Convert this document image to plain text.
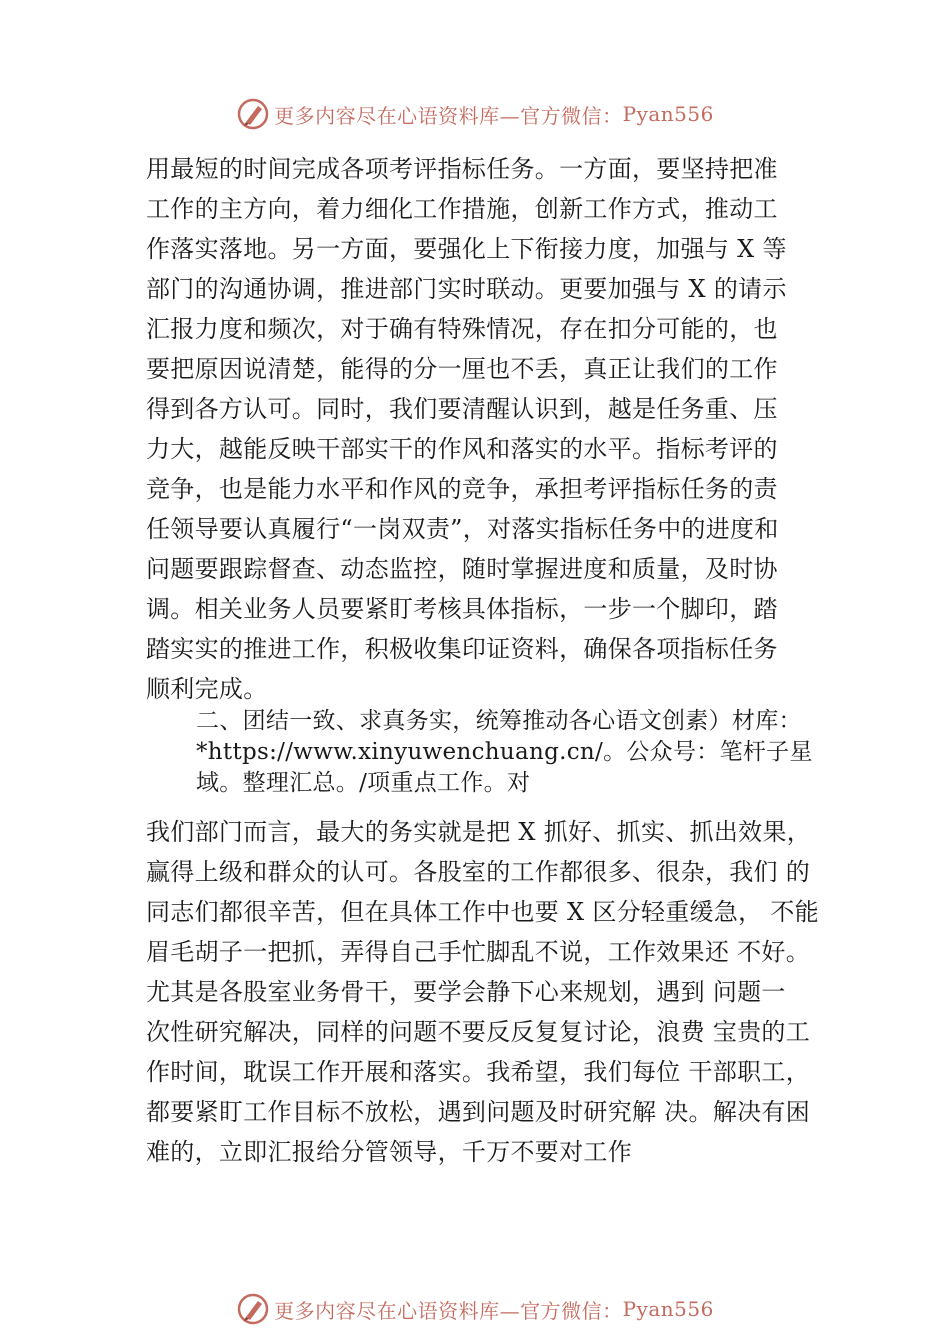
更多内容尽在心语资料库—官方微信： Pyan556
用最短的时间完成各项考评指标任务。一方面，要坚持把准
工作的主方向，着力细化工作措施，创新工作方式，推动工
作落实落地。另一方面，要强化上下衔接力度，加强与 X 等
部门的沟通协调，推进部门实时联动。更要加强与 X 的请示
汇报力度和频次，对于确有特殊情况，存在扣分可能的，也
要把原因说清楚，能得的分一厘也不丢，真正让我们的工作
得到各方认可。同时，我们要清醒认识到，越是任务重、压
力大，越能反映干部实干的作风和落实的水平。指标考评的
竞争，也是能力水平和作风的竞争，承担考评指标任务的责
任领导要认真履行“一岗双责”，对落实指标任务中的进度和
问题要跟踪督查、动态监控，随时掌握进度和质量，及时协
调。相关业务人员要紧盯考核具体指标，一步一个脚印，踏
踏实实的推进工作，积极收集印证资料，确保各项指标任务
顺利完成。
二、团结一致、求真务实，统筹推动各心语文创素）材库：
*https://www.xinyuwenchuang.cn/。公众号：笔杆子星
域。整理汇总。/项重点工作。对
我们部门而言，最大的务实就是把 X 抓好、抓实、抓出效果，
赢得上级和群众的认可。各股室的工作都很多、很杂，我们 的
同志们都很辛苦，但在具体工作中也要 X 区分轻重缓急， 不能
眉毛胡子一把抓，弄得自己手忙脚乱不说，工作效果还 不好。
尤其是各股室业务骨干，要学会静下心来规划，遇到 问题一
次性研究解决，同样的问题不要反反复复讨论，浪费 宝贵的工
作时间，耽误工作开展和落实。我希望，我们每位 干部职工，
都要紧盯工作目标不放松，遇到问题及时研究解 决。解决有困
难的，立即汇报给分管领导，千万不要对工作
更多内容尽在心语资料库—官方微信： Pyan556
